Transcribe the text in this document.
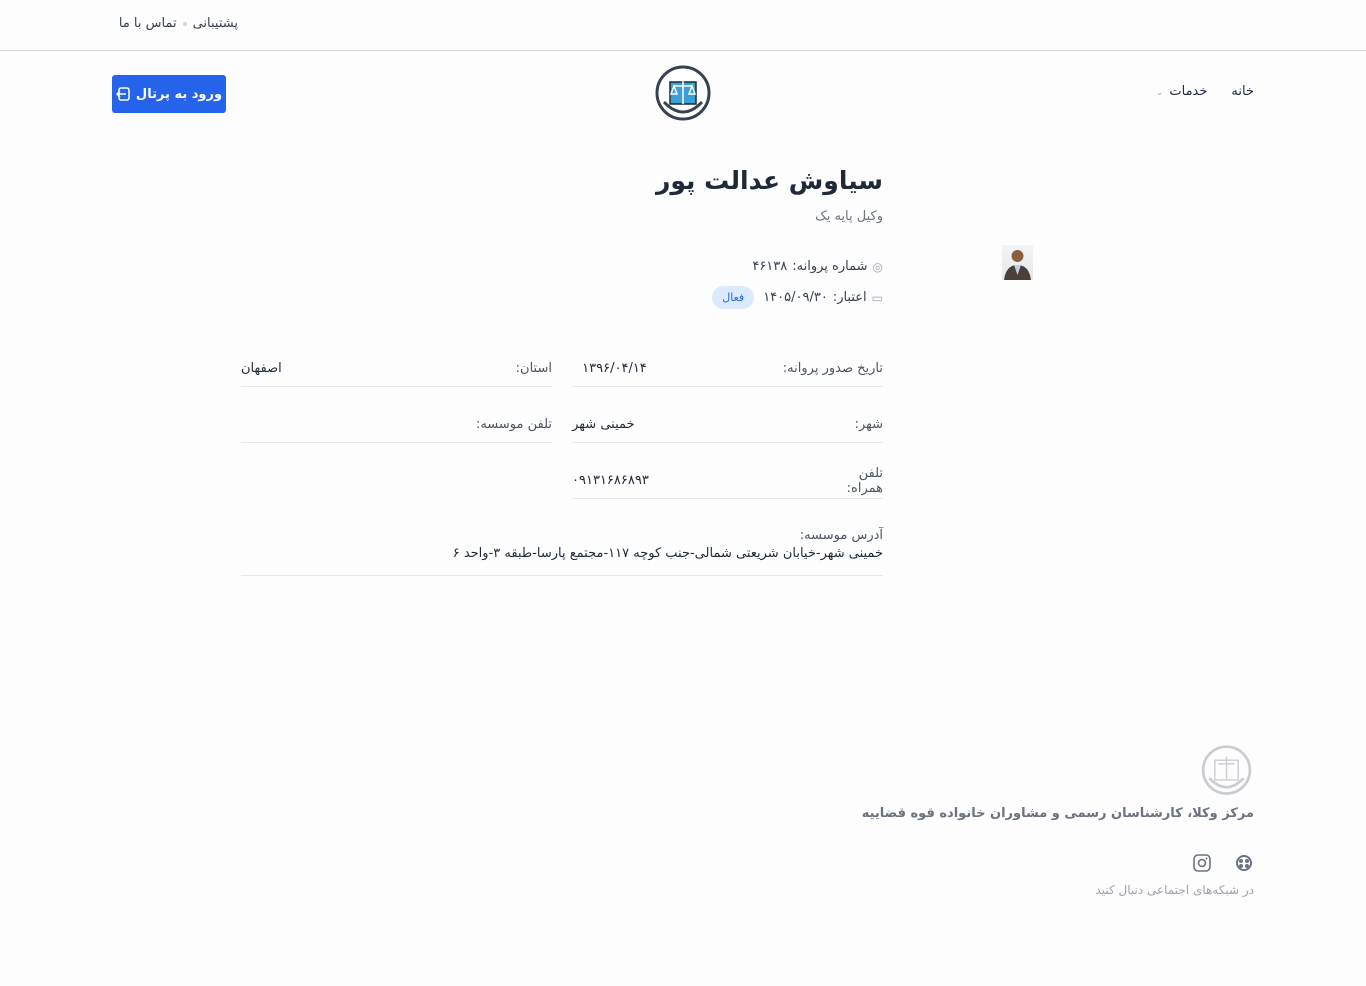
پشتیبانی
تماس با ما
خانه
خدمات⌄
ورود به پرتال
سیاوش عدالت پور
وکیل پایه یک
◎
شماره پروانه:
۴۶۱۳۸
▭
اعتبار:
۱۴۰۵/۰۹/۳۰
فعال
تاریخ صدور پروانه:
۱۳۹۶/۰۴/۱۴
استان:
اصفهان
شهر:
خمینی شهر
تلفن موسسه:
تلفن همراه:
۰۹۱۳۱۶۸۶۸۹۳
آدرس موسسه:
خمینی شهر-خیابان شریعتی شمالی-جنب کوچه ۱۱۷-مجتمع پارسا-طبقه ۳-واحد ۶
مرکز وکلا، کارشناسان رسمی و مشاوران خانواده قوه قضاییه
در شبکه‌های اجتماعی دنبال کنید
